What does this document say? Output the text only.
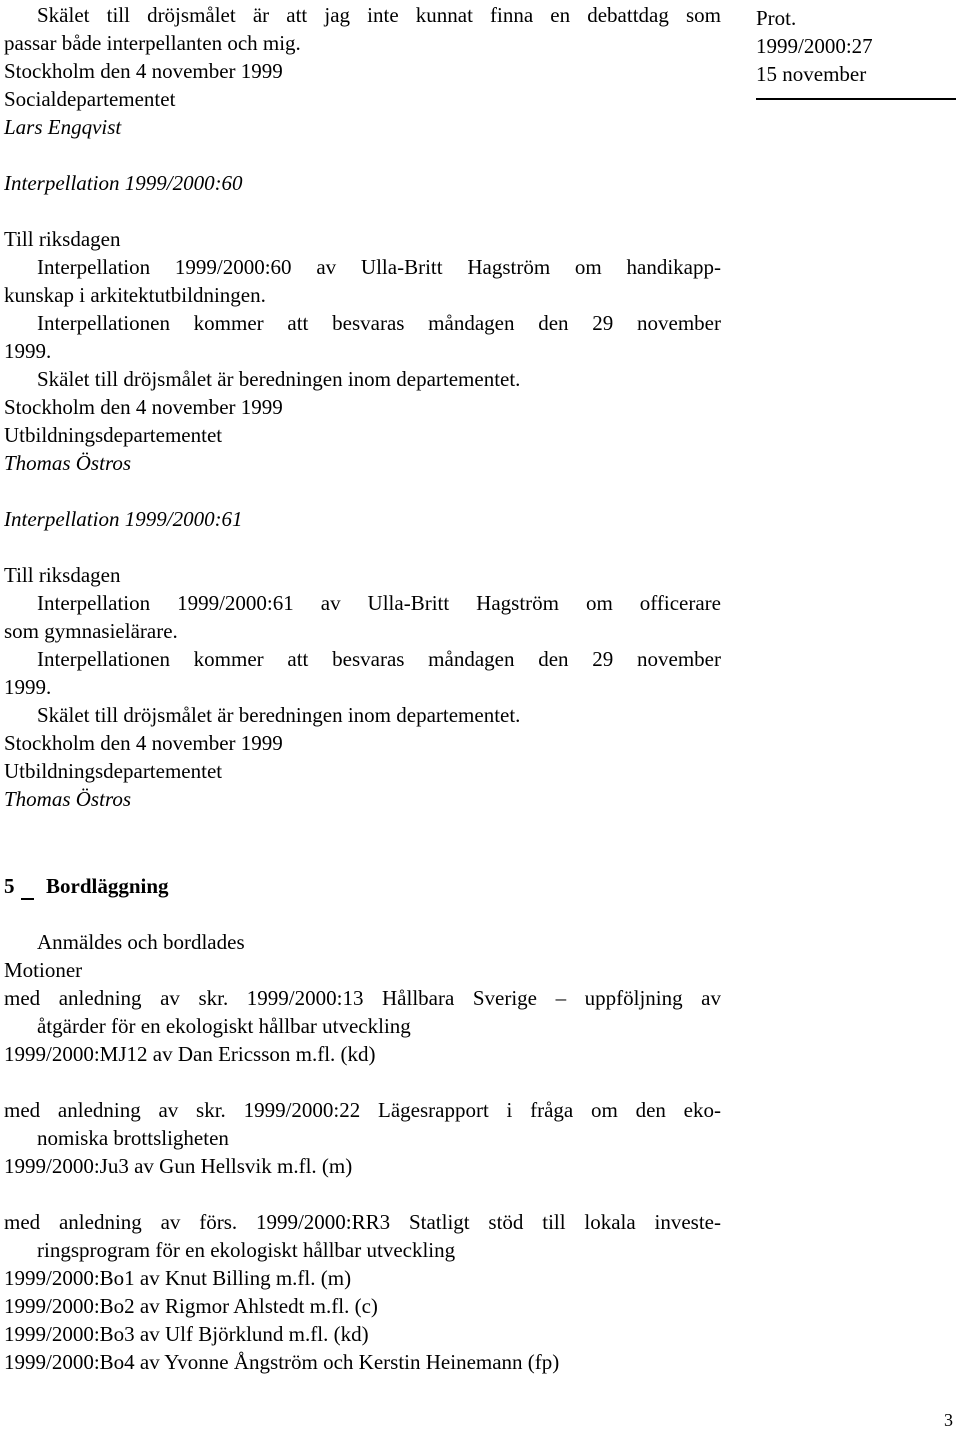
Prot.
1999/2000:27
15 november
Skälet till dröjsmålet är att jag inte kunnat finna en debattdag som
passar både interpellanten och mig.
Stockholm den 4 november 1999
Socialdepartementet
Lars Engqvist
Interpellation 1999/2000:60
Till riksdagen
Interpellation 1999/2000:60 av Ulla-Britt Hagström om handikapp-
kunskap i arkitektutbildningen.
Interpellationen kommer att besvaras måndagen den 29 november
1999.
Skälet till dröjsmålet är beredningen inom departementet.
Stockholm den 4 november 1999
Utbildningsdepartementet
Thomas Östros
Interpellation 1999/2000:61
Till riksdagen
Interpellation 1999/2000:61 av Ulla-Britt Hagström om officerare
som gymnasielärare.
Interpellationen kommer att besvaras måndagen den 29 november
1999.
Skälet till dröjsmålet är beredningen inom departementet.
Stockholm den 4 november 1999
Utbildningsdepartementet
Thomas Östros
5 Bordläggning
Anmäldes och bordlades
Motioner
med anledning av skr. 1999/2000:13 Hållbara Sverige – uppföljning av
åtgärder för en ekologiskt hållbar utveckling
1999/2000:MJ12 av Dan Ericsson m.fl. (kd)
med anledning av skr. 1999/2000:22 Lägesrapport i fråga om den eko-
nomiska brottsligheten
1999/2000:Ju3 av Gun Hellsvik m.fl. (m)
med anledning av förs. 1999/2000:RR3 Statligt stöd till lokala investe-
ringsprogram för en ekologiskt hållbar utveckling
1999/2000:Bo1 av Knut Billing m.fl. (m)
1999/2000:Bo2 av Rigmor Ahlstedt m.fl. (c)
1999/2000:Bo3 av Ulf Björklund m.fl. (kd)
1999/2000:Bo4 av Yvonne Ångström och Kerstin Heinemann (fp)
3
